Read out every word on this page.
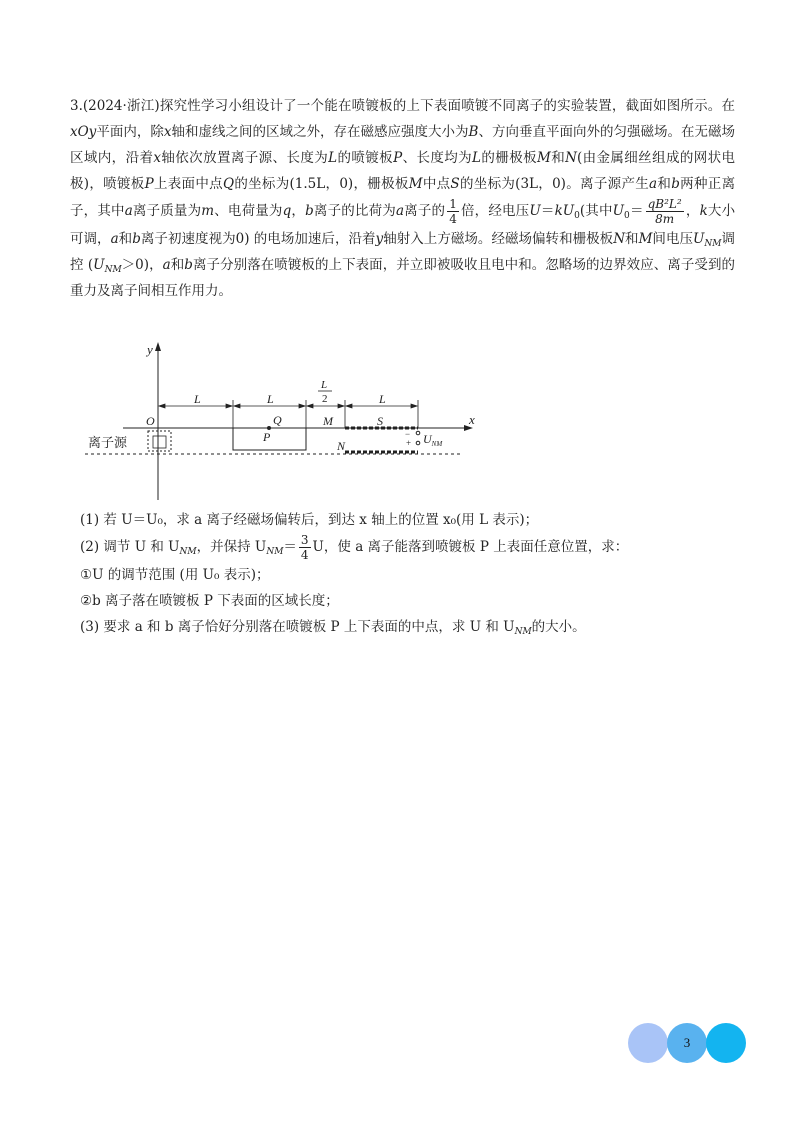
3.(2024·浙江)探究性学习小组设计了一个能在喷镀板的上下表面喷镀不同离子的实验装置，截面如图所示。在xOy平面内，除x轴和虚线之间的区域之外，存在磁感应强度大小为B、方向垂直平面向外的匀强磁场。在无磁场区域内，沿着x轴依次放置离子源、长度为L的喷镀板P、长度均为L的栅极板M和N(由金属细丝组成的网状电极)，喷镀板P上表面中点Q的坐标为(1.5L，0)，栅极板M中点S的坐标为(3L，0)。离子源产生a和b两种正离子，其中a离子质量为m、电荷量为q，b离子的比荷为a离子的 $\frac{1}{4}$ 倍，经电压$U=kU_0$(其中$U_0= \frac{\text{qB²L²}}{8m}$ ，k大小可调，a和b离子初速度视为0) 的电场加速后，沿着y轴射入上方磁场。经磁场偏转和栅极板N和M间电压$U_{NM}$调控 $(U_{NM}>0)$，a和b离子分别落在喷镀板的上下表面，并立即被吸收且电中和。忽略场的边界效应、离子受到的重力及离子间相互作用力。

y
x
O
离子源
Q
P
M	S
N
−
+ $U_{NM}$
L	L
L
2	L

(1) 若 U＝U₀，求 a 离子经磁场偏转后，到达 x 轴上的位置 x₀(用 L 表示)；

(2) 调节 U 和 $U_{NM}$，并保持 $U_{NM}= \frac{3}{4}$ U，使 a 离子能落到喷镀板 P 上表面任意位置，求：

①U 的调节范围 (用 U₀ 表示)；

②b 离子落在喷镀板 P 下表面的区域长度；

(3) 要求 a 和 b 离子恰好分别落在喷镀板 P 上下表面的中点，求 U 和 $U_{NM}$的大小。

3
